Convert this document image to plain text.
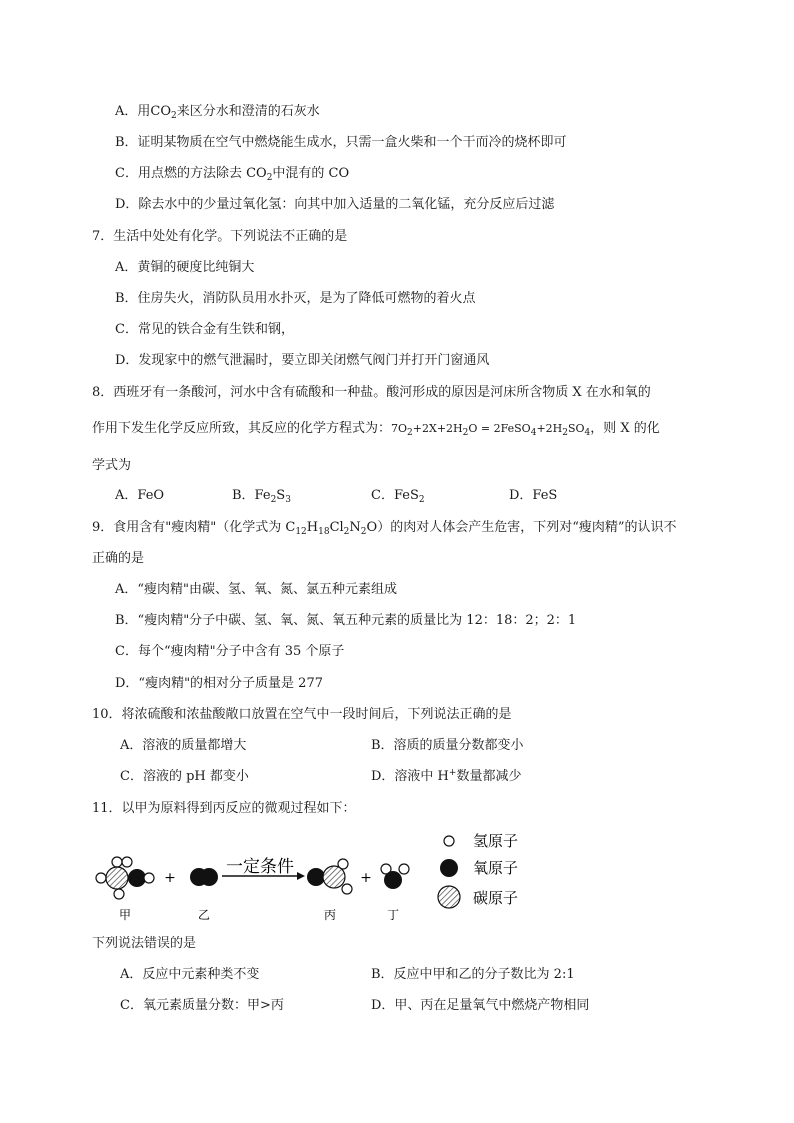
A．用$CO_2$来区分水和澄清的石灰水
B．证明某物质在空气中燃烧能生成水，只需一盒火柴和一个干而冷的烧杯即可
C．用点燃的方法除去 $CO_2$中混有的 CO
D．除去水中的少量过氧化氢：向其中加入适量的二氧化锰，充分反应后过滤
7．生活中处处有化学。下列说法不正确的是
A．黄铜的硬度比纯铜大
B．住房失火，消防队员用水扑灭，是为了降低可燃物的着火点
C．常见的铁合金有生铁和钢，
D．发现家中的燃气泄漏时，要立即关闭燃气阀门并打开门窗通风
8．西班牙有一条酸河，河水中含有硫酸和一种盐。酸河形成的原因是河床所含物质 X 在水和氧的
作用下发生化学反应所致，其反应的化学方程式为：$7O_2+2X+2H_2O$ = $2FeSO_4+2H_2SO_4$，则 X 的化
学式为
A．FeO	B．$Fe_2S_3$	C．FeS$_2$	D．FeS
9．食用含有"瘦肉精"（化学式为 $C_{12}H_{18}Cl_2N_2O$）的肉对人体会产生危害，下列对“瘦肉精”的认识不
正确的是
A．“瘦肉精"由碳、氢、氧、氮、氯五种元素组成
B．“瘦肉精"分子中碳、氢、氧、氮、氧五种元素的质量比为 12：18：2；2：1
C．每个“瘦肉精"分子中含有 35 个原子
D．“瘦肉精"的相对分子质量是 277
10．将浓硫酸和浓盐酸敞口放置在空气中一段时间后，下列说法正确的是
A．溶液的质量都增大	B．溶质的质量分数都变小
C．溶液的 pH 都变小	D．溶液中 H+数量都减少
11．以甲为原料得到丙反应的微观过程如下：
+
一定条件
+
甲	乙	丙	丁
氢原子
氧原子
碳原子
下列说法错误的是
A．反应中元素种类不变	B．反应中甲和乙的分子数比为 2:1
C．氧元素质量分数：甲>丙	D．甲、丙在足量氧气中燃烧产物相同
